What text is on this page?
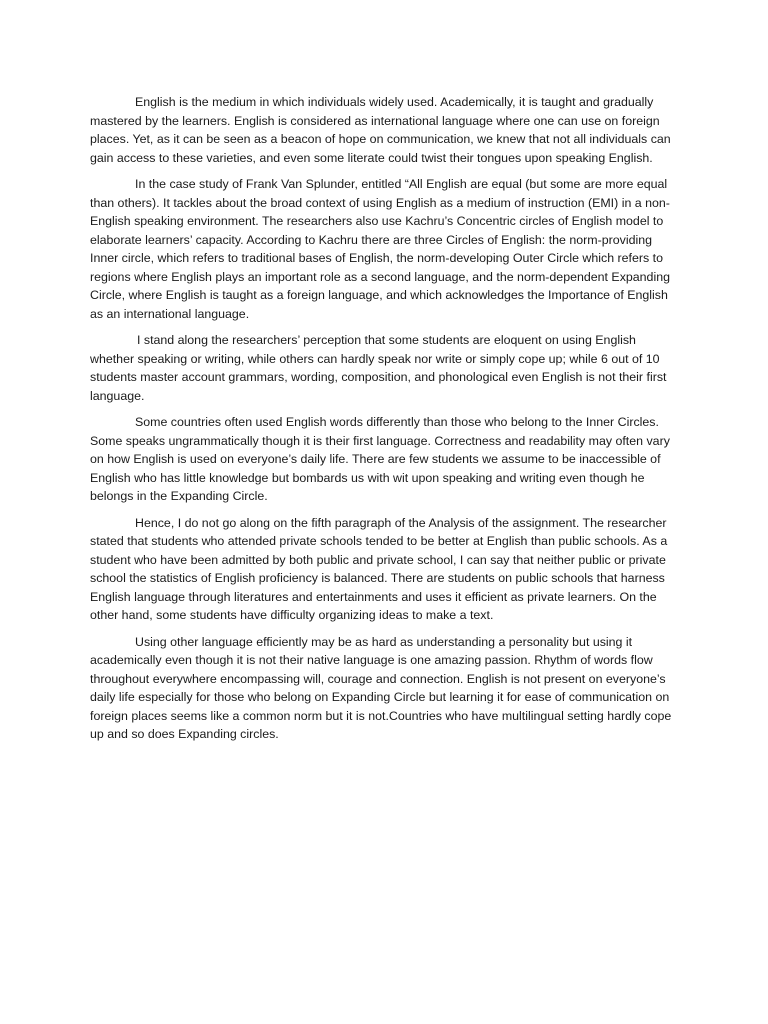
English is the medium in which individuals widely used. Academically, it is taught and gradually mastered by the learners. English is considered as international language where one can use on foreign places. Yet, as it can be seen as a beacon of hope on communication, we knew that not all individuals can gain access to these varieties, and even some literate could twist their tongues upon speaking English.

In the case study of Frank Van Splunder, entitled “All English are equal (but some are more equal than others). It tackles about the broad context of using English as a medium of instruction (EMI) in a non-English speaking environment. The researchers also use Kachru’s Concentric circles of English model to elaborate learners’ capacity. According to Kachru there are three Circles of English: the norm-providing Inner circle, which refers to traditional bases of English, the norm-developing Outer Circle which refers to regions where English plays an important role as a second language, and the norm-dependent Expanding Circle, where English is taught as a foreign language, and which acknowledges the Importance of English as an international language.

I stand along the researchers’ perception that some students are eloquent on using English whether speaking or writing, while others can hardly speak nor write or simply cope up; while 6 out of 10 students master account grammars, wording, composition, and phonological even English is not their first language.

Some countries often used English words differently than those who belong to the Inner Circles. Some speaks ungrammatically though it is their first language. Correctness and readability may often vary on how English is used on everyone’s daily life. There are few students we assume to be inaccessible of English who has little knowledge but bombards us with wit upon speaking and writing even though he belongs in the Expanding Circle.

Hence, I do not go along on the fifth paragraph of the Analysis of the assignment. The researcher stated that students who attended private schools tended to be better at English than public schools. As a student who have been admitted by both public and private school, I can say that neither public or private school the statistics of English proficiency is balanced. There are students on public schools that harness English language through literatures and entertainments and uses it efficient as private learners. On the other hand, some students have difficulty organizing ideas to make a text.

Using other language efficiently may be as hard as understanding a personality but using it academically even though it is not their native language is one amazing passion. Rhythm of words flow throughout everywhere encompassing will, courage and connection. English is not present on everyone’s daily life especially for those who belong on Expanding Circle but learning it for ease of communication on foreign places seems like a common norm but it is not.Countries who have multilingual setting hardly cope up and so does Expanding circles.
